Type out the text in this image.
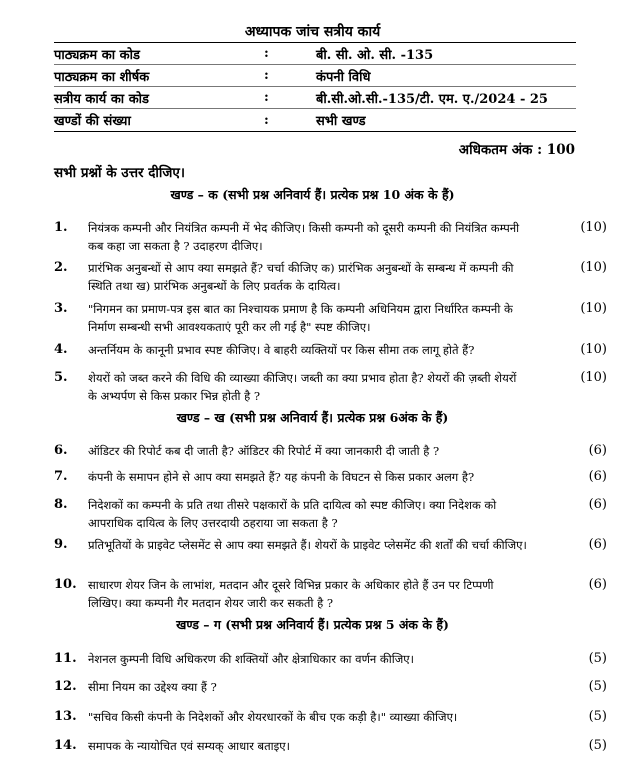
अध्यापक जांच सत्रीय कार्य
पाठ्यक्रम का कोड	:	बी. सी. ओ. सी. -135
पाठ्यक्रम का शीर्षक	:	कंपनी विधि
सत्रीय कार्य का कोड	:	बी.सी.ओ.सी.-135/टी. एम. ए./2024 - 25
खण्डों की संख्या	:	सभी खण्ड
अधिकतम अंक : 100
सभी प्रश्नों के उत्तर दीजिए।
खण्ड – क (सभी प्रश्न अनिवार्य हैं। प्रत्येक प्रश्न 10 अंक के हैं)
1. नियंत्रक कम्पनी और नियंत्रित कम्पनी में भेद कीजिए। किसी कम्पनी को दूसरी कम्पनी की नियंत्रित कम्पनी कब कहा जा सकता है ? उदाहरण दीजिए।
(10)
2. प्रारंभिक अनुबन्धों से आप क्या समझते हैं? चर्चा कीजिए क) प्रारंभिक अनुबन्धों के सम्बन्ध में कम्पनी की स्थिति तथा ख) प्रारंभिक अनुबन्धों के लिए प्रवर्तक के दायित्व।
(10)
3. "निगमन का प्रमाण-पत्र इस बात का निश्चायक प्रमाण है कि कम्पनी अधिनियम द्वारा निर्धारित कम्पनी के निर्माण सम्बन्धी सभी आवश्यकताएं पूरी कर ली गई है" स्पष्ट कीजिए।
(10)
4. अन्तर्नियम के कानूनी प्रभाव स्पष्ट कीजिए। वे बाहरी व्यक्तियों पर किस सीमा तक लागू होते हैं?	(10)
5. शेयरों को जब्त करने की विधि की व्याख्या कीजिए। जब्ती का क्या प्रभाव होता है? शेयरों की ज़ब्ती शेयरों के अभ्यर्पण से किस प्रकार भिन्न होती है ?
(10)
खण्ड – ख (सभी प्रश्न अनिवार्य हैं। प्रत्येक प्रश्न 6अंक के हैं)
6. ऑडिटर की रिपोर्ट कब दी जाती है? ऑडिटर की रिपोर्ट में क्या जानकारी दी जाती है ?	(6)
7. कंपनी के समापन होने से आप क्या समझते हैं? यह कंपनी के विघटन से किस प्रकार अलग है?	(6)
8. निदेशकों का कम्पनी के प्रति तथा तीसरे पक्षकारों के प्रति दायित्व को स्पष्ट कीजिए। क्या निदेशक को आपराधिक दायित्व के लिए उत्तरदायी ठहराया जा सकता है ?
(6)
9. प्रतिभूतियों के प्राइवेट प्लेसमेंट से आप क्या समझते हैं। शेयरों के प्राइवेट प्लेसमेंट की शर्तों की चर्चा कीजिए।	(6)
10. साधारण शेयर जिन के लाभांश, मतदान और दूसरे विभिन्न प्रकार के अधिकार होते हैं उन पर टिप्पणी लिखिए। क्या कम्पनी गैर मतदान शेयर जारी कर सकती है ?
(6)
खण्ड – ग (सभी प्रश्न अनिवार्य हैं। प्रत्येक प्रश्न 5 अंक के हैं)
11. नेशनल कुम्पनी विधि अधिकरण की शक्तियों और क्षेत्राधिकार का वर्णन कीजिए।	(5)
12. सीमा नियम का उद्देश्य क्या हैं ?	(5)
13. "सचिव किसी कंपनी के निदेशकों और शेयरधारकों के बीच एक कड़ी है।" व्याख्या कीजिए।	(5)
14. समापक के न्यायोचित एवं सम्यक् आधार बताइए।	(5)
